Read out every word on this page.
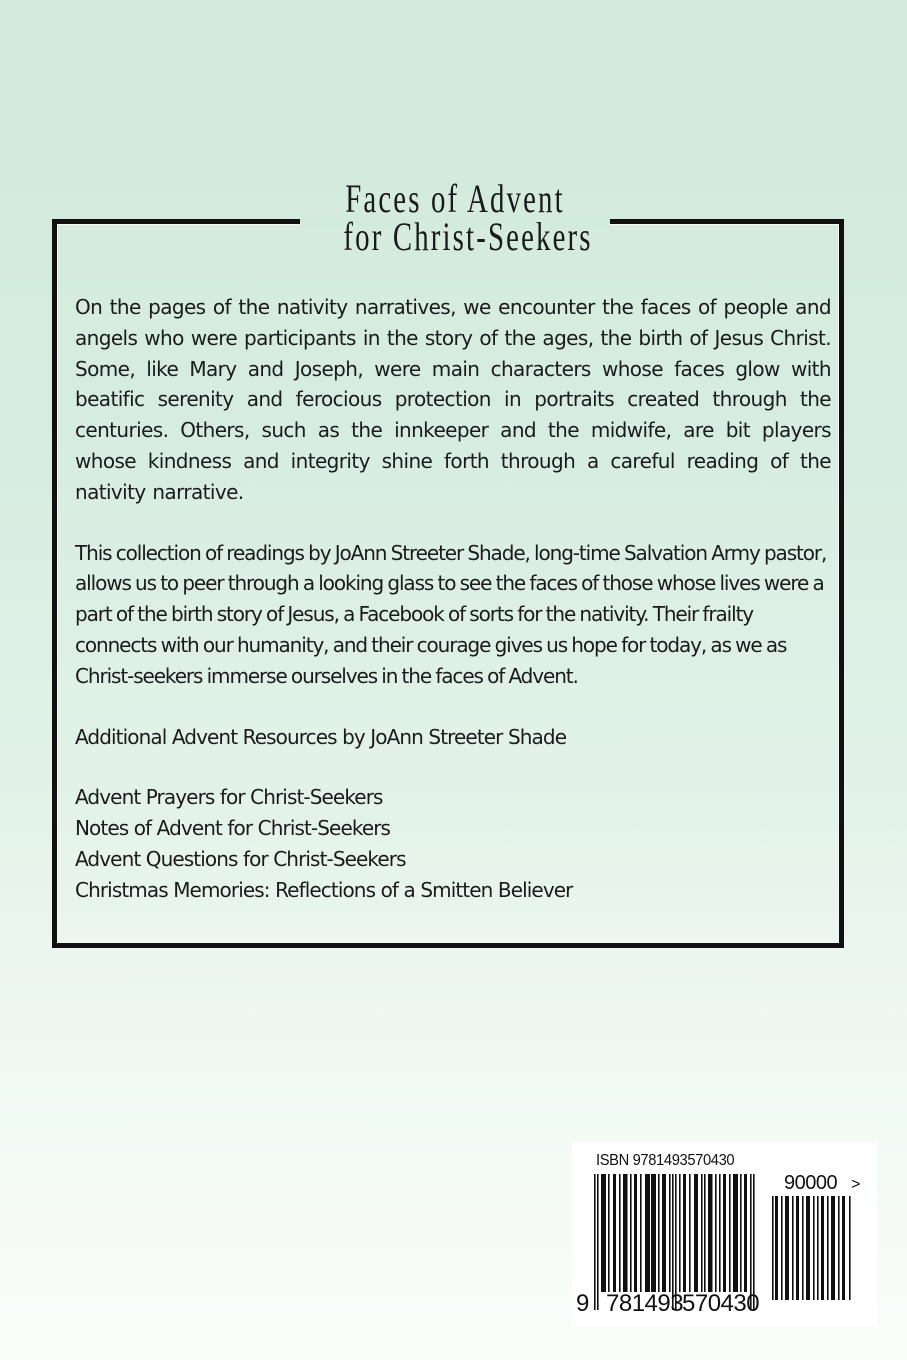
Faces of Advent
for Christ-Seekers

On the pages of the nativity narratives, we encounter the faces of people and angels who were participants in the story of the ages, the birth of Jesus Christ. Some, like Mary and Joseph, were main characters whose faces glow with beatific serenity and ferocious protection in portraits created through the centuries. Others, such as the innkeeper and the midwife, are bit players whose kindness and integrity shine forth through a careful reading of the nativity narrative.

This collection of readings by JoAnn Streeter Shade, long-time Salvation Army pastor, allows us to peer through a looking glass to see the faces of those whose lives were a part of the birth story of Jesus, a Facebook of sorts for the nativity. Their frailty connects with our humanity, and their courage gives us hope for today, as we as Christ-seekers immerse ourselves in the faces of Advent.

Additional Advent Resources by JoAnn Streeter Shade
Advent Prayers for Christ-Seekers
Notes of Advent for Christ-Seekers
Advent Questions for Christ-Seekers
Christmas Memories: Reflections of a Smitten Believer
ISBN 9781493570430
90000 >
9 781493
570430
